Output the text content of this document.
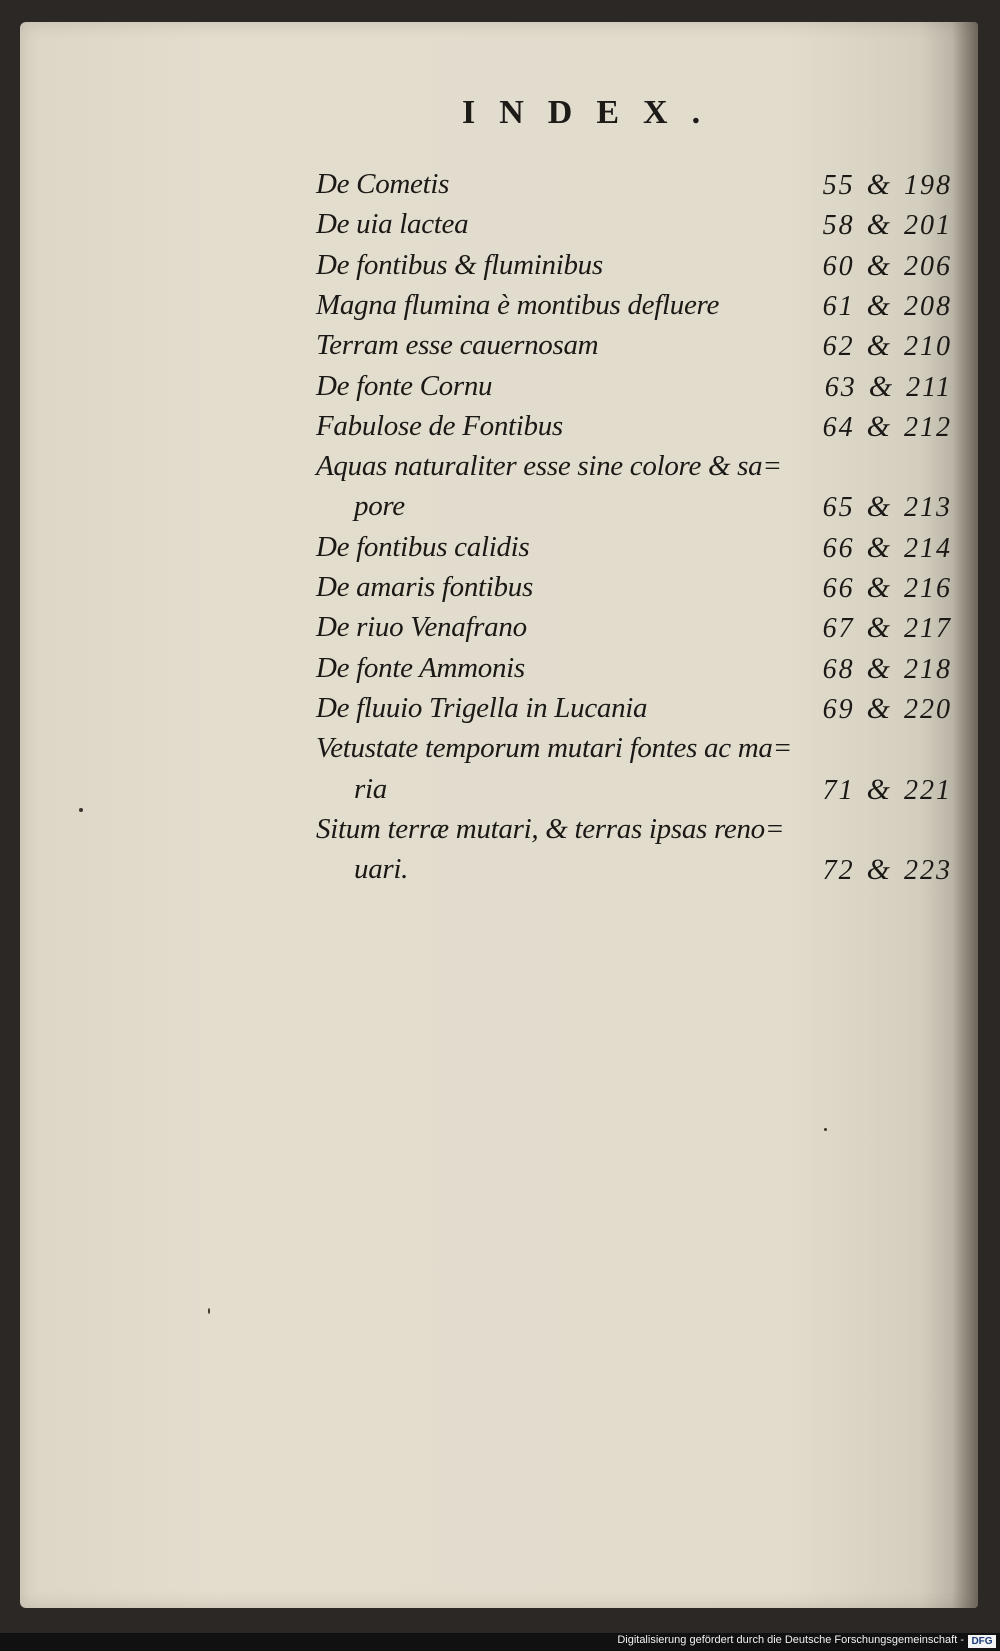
INDEX.
De Cometis	55 & 198
De uia lactea	58 & 201
De fontibus & fluminibus	60 & 206
Magna flumina è montibus defluere	61 & 208
Terram esse cauernosam	62 & 210
De fonte Cornu	63 & 211
Fabulose de Fontibus	64 & 212
Aquas naturaliter esse sine colore & sa=
pore	65 & 213
De fontibus calidis	66 & 214
De amaris fontibus	66 & 216
De riuo Venafrano	67 & 217
De fonte Ammonis	68 & 218
De fluuio Trigella in Lucania	69 & 220
Vetustate temporum mutari fontes ac ma=
ria	71 & 221
Situm terræ mutari, & terras ipsas reno=
uari.	72 & 223
Digitalisierung gefördert durch die Deutsche Forschungsgemeinschaft - DFG
